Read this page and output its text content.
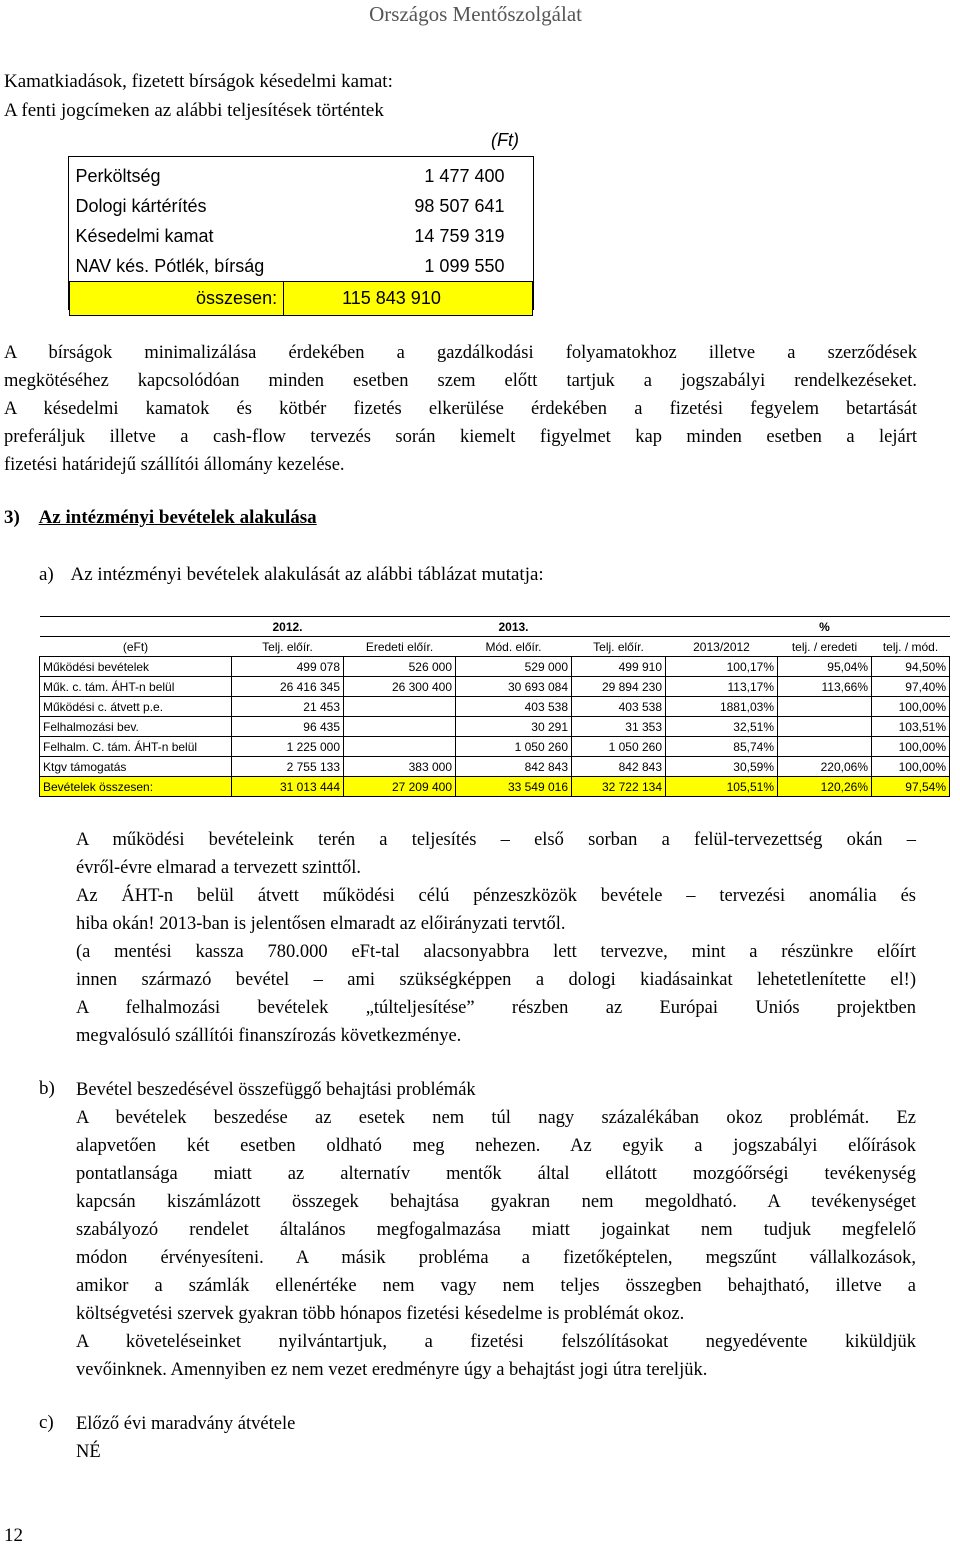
Országos Mentőszolgálat
Kamatkiadások, fizetett bírságok késedelmi kamat:
A fenti jogcímeken az alábbi teljesítések történtek
(Ft)

Perköltség	1 477 400
Dologi kártérítés	98 507 641
Késedelmi kamat	14 759 319
NAV kés. Pótlék, bírság	1 099 550
összesen:	115 843 910
A bírságok minimalizálása érdekében a gazdálkodási folyamatokhoz illetve a szerződések
megkötéséhez kapcsolódóan minden esetben szem előtt tartjuk a jogszabályi rendelkezéseket.
A késedelmi kamatok és kötbér fizetés elkerülése érdekében a fizetési fegyelem betartását
preferáljuk illetve a cash-flow tervezés során kiemelt figyelmet kap minden esetben a lejárt
fizetési határidejű szállítói állomány kezelése.
3) Az intézményi bevételek alakulása
a) Az intézményi bevételek alakulását az alábbi táblázat mutatja:
	2012.		2013.			%	
(eFt)	Telj. előír.	Eredeti előír.	Mód. előír.	Telj. előír.	2013/2012	telj. / eredeti	telj. / mód.
Működési bevételek	499 078	526 000	529 000	499 910	100,17%	95,04%	94,50%
Műk. c. tám. ÁHT-n belül	26 416 345	26 300 400	30 693 084	29 894 230	113,17%	113,66%	97,40%
Működési c. átvett p.e.	21 453		403 538	403 538	1881,03%		100,00%
Felhalmozási bev.	96 435		30 291	31 353	32,51%		103,51%
Felhalm. C. tám. ÁHT-n belül	1 225 000		1 050 260	1 050 260	85,74%		100,00%
Ktgv támogatás	2 755 133	383 000	842 843	842 843	30,59%	220,06%	100,00%
Bevételek összesen:	31 013 444	27 209 400	33 549 016	32 722 134	105,51%	120,26%	97,54%
A működési bevételeink terén a teljesítés – első sorban a felül-tervezettség okán –
évről-évre elmarad a tervezett szinttől.
Az ÁHT-n belül átvett működési célú pénzeszközök bevétele – tervezési anomália és
hiba okán! 2013-ban is jelentősen elmaradt az előirányzati tervtől.
(a mentési kassza 780.000 eFt-tal alacsonyabbra lett tervezve, mint a részünkre előírt
innen származó bevétel – ami szükségképpen a dologi kiadásainkat lehetetlenítette el!)
A felhalmozási bevételek „túlteljesítése” részben az Európai Uniós projektben
megvalósuló szállítói finanszírozás következménye.
b) Bevétel beszedésével összefüggő behajtási problémák
A bevételek beszedése az esetek nem túl nagy százalékában okoz problémát. Ez
alapvetően két esetben oldható meg nehezen. Az egyik a jogszabályi előírások
pontatlansága miatt az alternatív mentők által ellátott mozgóőrségi tevékenység
kapcsán kiszámlázott összegek behajtása gyakran nem megoldható. A tevékenységet
szabályozó rendelet általános megfogalmazása miatt jogainkat nem tudjuk megfelelő
módon érvényesíteni. A másik probléma a fizetőképtelen, megszűnt vállalkozások,
amikor a számlák ellenértéke nem vagy nem teljes összegben behajtható, illetve a
költségvetési szervek gyakran több hónapos fizetési késedelme is problémát okoz.
A követeléseinket nyilvántartjuk, a fizetési felszólításokat negyedévente kiküldjük
vevőinknek. Amennyiben ez nem vezet eredményre úgy a behajtást jogi útra tereljük.
c) Előző évi maradvány átvétele
NÉ
12
